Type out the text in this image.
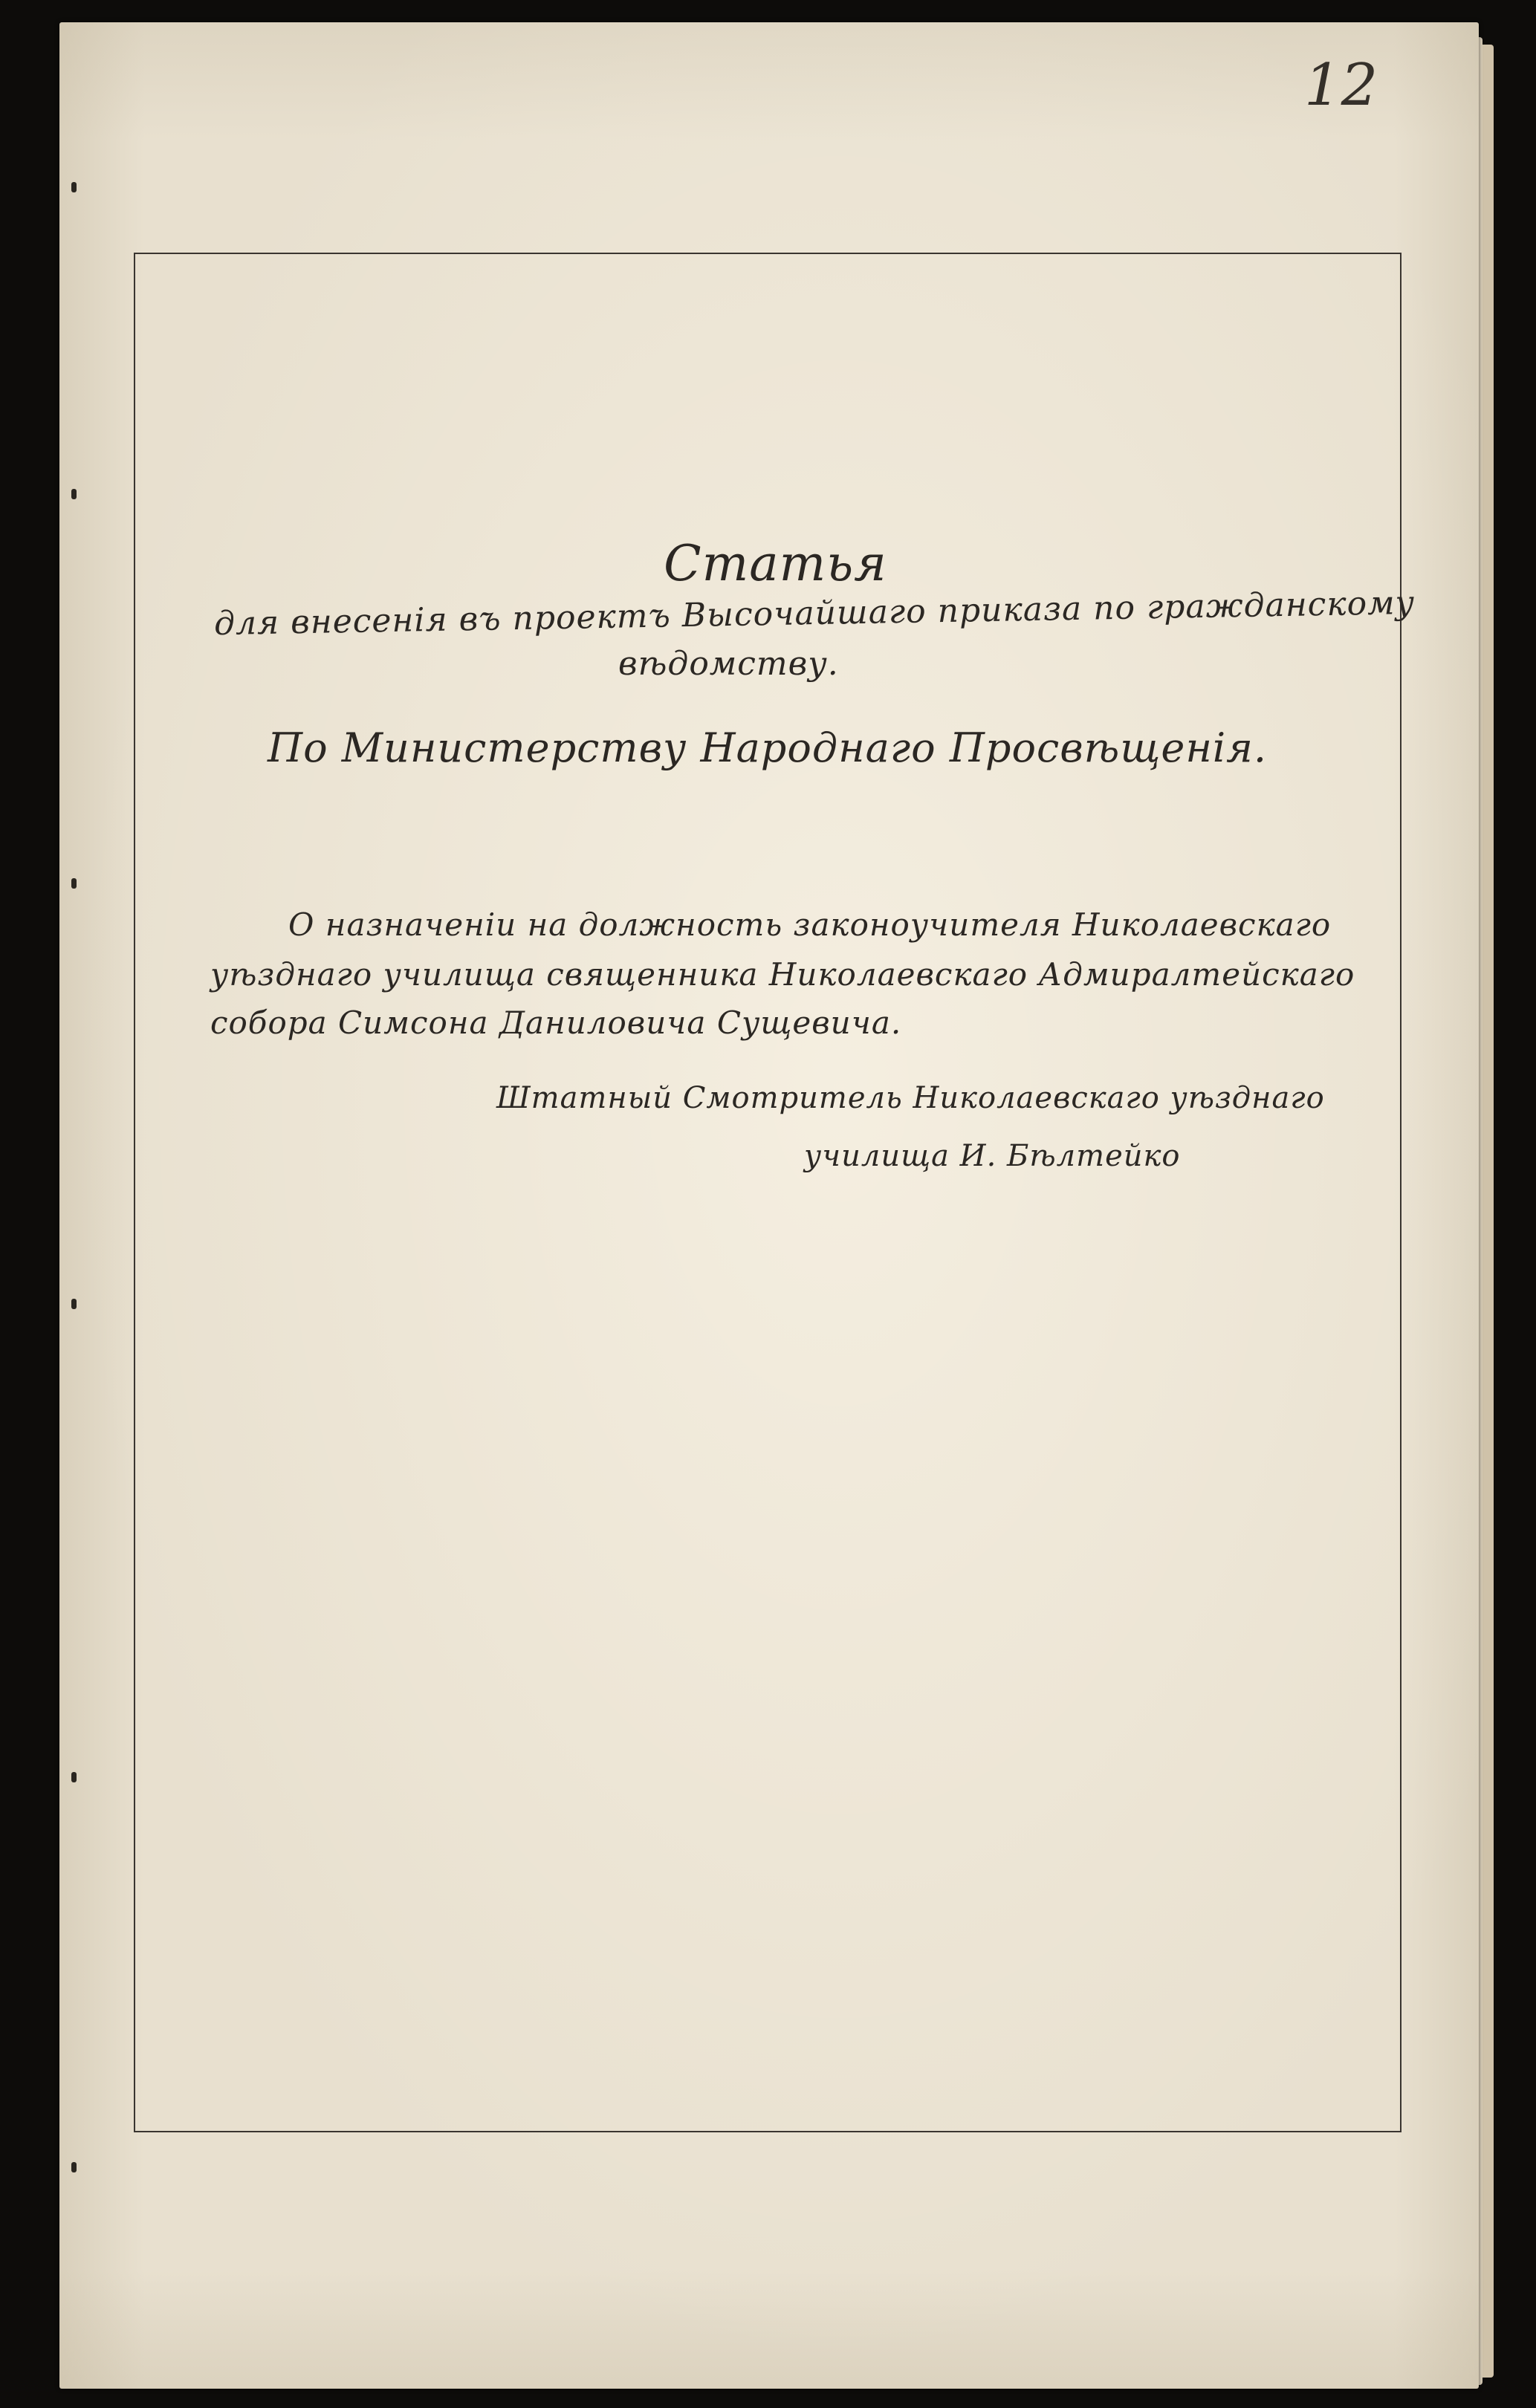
12
Статья
для внесенія въ проектъ Высочайшаго приказа по гражданскому
вѣдомству.
По Министерству Народнаго Просвѣщенія.
О назначеніи на должность законоучителя Николаевскаго
уѣзднаго училища священника Николаевскаго Адмиралтейскаго
собора Симсона Даниловича Сущевича.
Штатный Смотритель Николаевскаго уѣзднаго
училища И. Бѣлтейко
